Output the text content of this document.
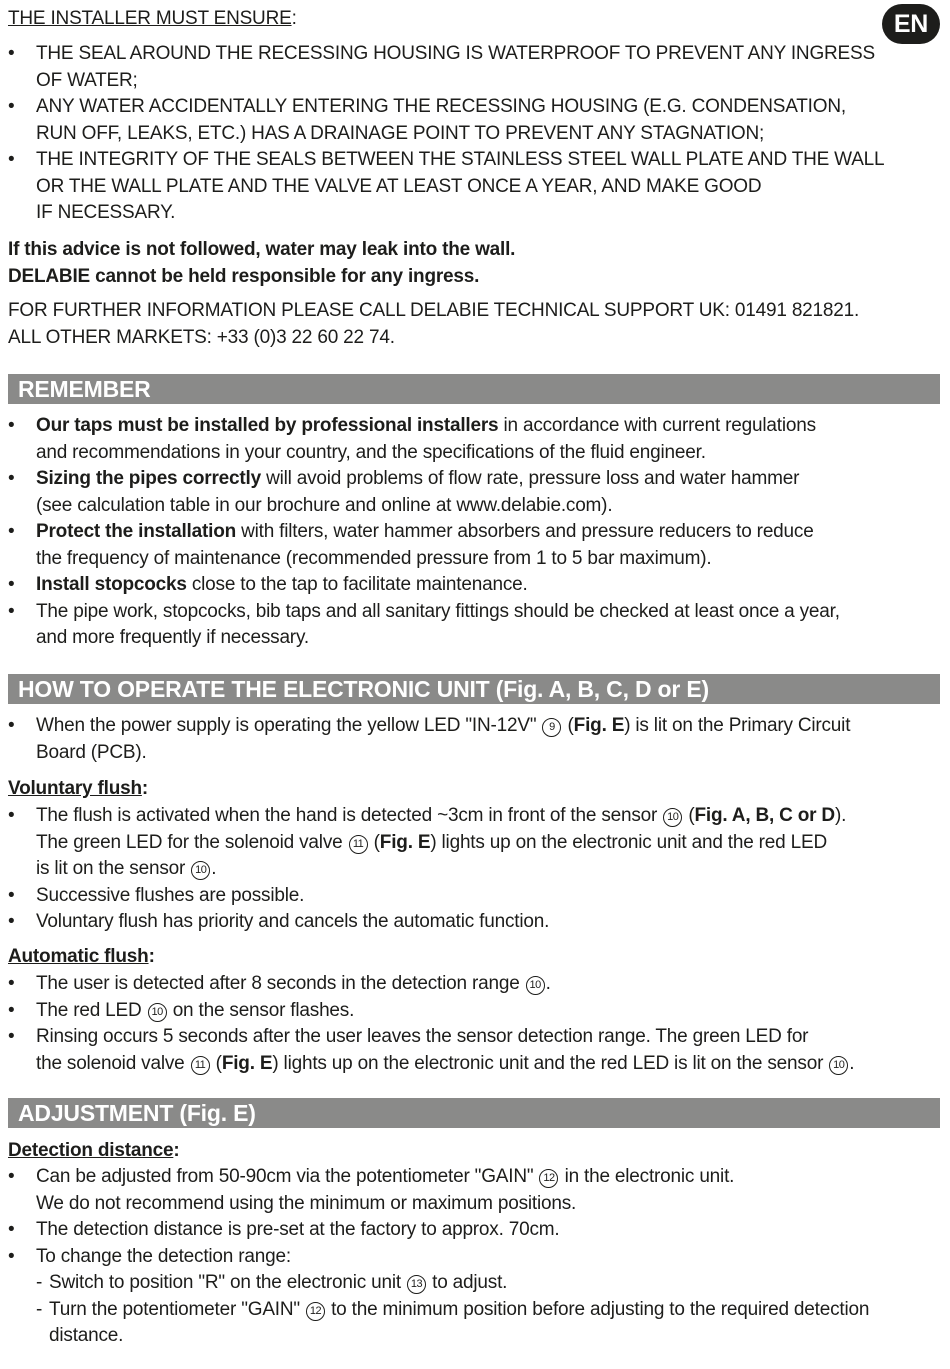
EN
THE INSTALLER MUST ENSURE:
• THE SEAL AROUND THE RECESSING HOUSING IS WATERPROOF TO PREVENT ANY INGRESS
OF WATER;
• ANY WATER ACCIDENTALLY ENTERING THE RECESSING HOUSING (E.G. CONDENSATION,
RUN OFF, LEAKS, ETC.) HAS A DRAINAGE POINT TO PREVENT ANY STAGNATION;
• THE INTEGRITY OF THE SEALS BETWEEN THE STAINLESS STEEL WALL PLATE AND THE WALL
OR THE WALL PLATE AND THE VALVE AT LEAST ONCE A YEAR, AND MAKE GOOD
IF NECESSARY.
If this advice is not followed, water may leak into the wall.
DELABIE cannot be held responsible for any ingress.
FOR FURTHER INFORMATION PLEASE CALL DELABIE TECHNICAL SUPPORT UK: 01491 821821.
ALL OTHER MARKETS: +33 (0)3 22 60 22 74.
REMEMBER
• Our taps must be installed by professional installers in accordance with current regulations
and recommendations in your country, and the specifications of the fluid engineer.
• Sizing the pipes correctly will avoid problems of flow rate, pressure loss and water hammer
(see calculation table in our brochure and online at www.delabie.com).
• Protect the installation with filters, water hammer absorbers and pressure reducers to reduce
the frequency of maintenance (recommended pressure from 1 to 5 bar maximum).
• Install stopcocks close to the tap to facilitate maintenance.
• The pipe work, stopcocks, bib taps and all sanitary fittings should be checked at least once a year,
and more frequently if necessary.
HOW TO OPERATE THE ELECTRONIC UNIT (Fig. A, B, C, D or E)
• When the power supply is operating the yellow LED "IN-12V" 9 (Fig. E) is lit on the Primary Circuit
Board (PCB).
Voluntary flush:
• The flush is activated when the hand is detected ~3cm in front of the sensor 10 (Fig. A, B, C or D).
The green LED for the solenoid valve 11 (Fig. E) lights up on the electronic unit and the red LED
is lit on the sensor 10 .
• Successive flushes are possible.
• Voluntary flush has priority and cancels the automatic function.
Automatic flush:
• The user is detected after 8 seconds in the detection range 10 .
• The red LED 10 on the sensor flashes.
• Rinsing occurs 5 seconds after the user leaves the sensor detection range. The green LED for
the solenoid valve 11 (Fig. E) lights up on the electronic unit and the red LED is lit on the sensor 10 .
ADJUSTMENT (Fig. E)
Detection distance:
• Can be adjusted from 50-90cm via the potentiometer "GAIN" 12 in the electronic unit.
We do not recommend using the minimum or maximum positions.
• The detection distance is pre-set at the factory to approx. 70cm.
• To change the detection range:
- Switch to position "R" on the electronic unit 13 to adjust.
- Turn the potentiometer "GAIN" 12 to the minimum position before adjusting to the required detection
distance.
